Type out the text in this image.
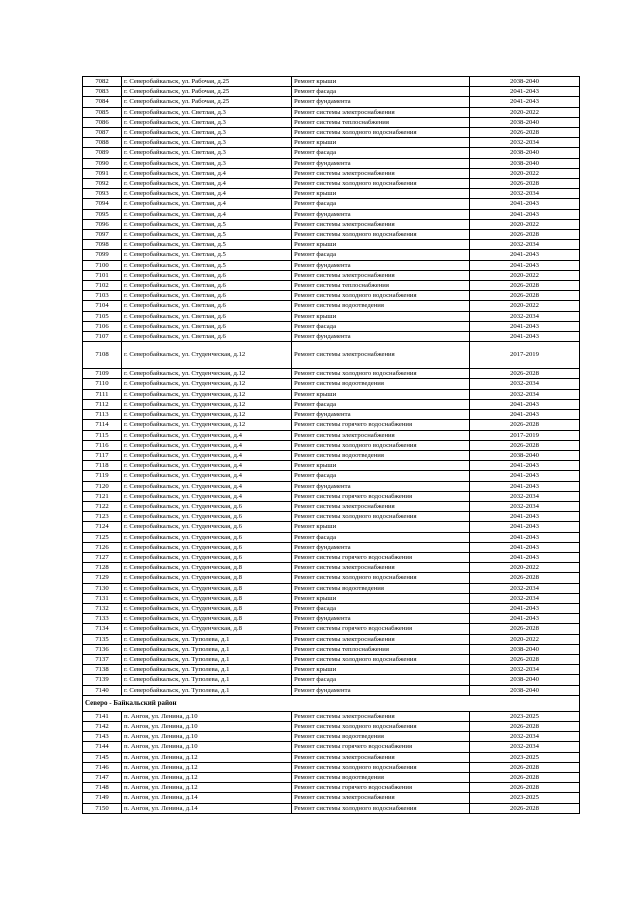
7082	г. Северобайкальск, ул. Рабочая, д.25	Ремонт крыши	2038-2040
7083	г. Северобайкальск, ул. Рабочая, д.25	Ремонт фасада	2041-2043
7084	г. Северобайкальск, ул. Рабочая, д.25	Ремонт фундамента	2041-2043
7085	г. Северобайкальск, ул. Светлая, д.3	Ремонт системы электроснабжения	2020-2022
7086	г. Северобайкальск, ул. Светлая, д.3	Ремонт системы теплоснабжения	2038-2040
7087	г. Северобайкальск, ул. Светлая, д.3	Ремонт системы холодного водоснабжения	2026-2028
7088	г. Северобайкальск, ул. Светлая, д.3	Ремонт крыши	2032-2034
7089	г. Северобайкальск, ул. Светлая, д.3	Ремонт фасада	2038-2040
7090	г. Северобайкальск, ул. Светлая, д.3	Ремонт фундамента	2038-2040
7091	г. Северобайкальск, ул. Светлая, д.4	Ремонт системы электроснабжения	2020-2022
7092	г. Северобайкальск, ул. Светлая, д.4	Ремонт системы холодного водоснабжения	2026-2028
7093	г. Северобайкальск, ул. Светлая, д.4	Ремонт крыши	2032-2034
7094	г. Северобайкальск, ул. Светлая, д.4	Ремонт фасада	2041-2043
7095	г. Северобайкальск, ул. Светлая, д.4	Ремонт фундамента	2041-2043
7096	г. Северобайкальск, ул. Светлая, д.5	Ремонт системы электроснабжения	2020-2022
7097	г. Северобайкальск, ул. Светлая, д.5	Ремонт системы холодного водоснабжения	2026-2028
7098	г. Северобайкальск, ул. Светлая, д.5	Ремонт крыши	2032-2034
7099	г. Северобайкальск, ул. Светлая, д.5	Ремонт фасада	2041-2043
7100	г. Северобайкальск, ул. Светлая, д.5	Ремонт фундамента	2041-2043
7101	г. Северобайкальск, ул. Светлая, д.6	Ремонт системы электроснабжения	2020-2022
7102	г. Северобайкальск, ул. Светлая, д.6	Ремонт системы теплоснабжения	2026-2028
7103	г. Северобайкальск, ул. Светлая, д.6	Ремонт системы холодного водоснабжения	2026-2028
7104	г. Северобайкальск, ул. Светлая, д.6	Ремонт системы водоотведения	2020-2022
7105	г. Северобайкальск, ул. Светлая, д.6	Ремонт крыши	2032-2034
7106	г. Северобайкальск, ул. Светлая, д.6	Ремонт фасада	2041-2043
7107	г. Северобайкальск, ул. Светлая, д.6	Ремонт фундамента	2041-2043
7108	г. Северобайкальск, ул. Студенческая, д.12	Ремонт системы электроснабжения	2017-2019
7109	г. Северобайкальск, ул. Студенческая, д.12	Ремонт системы холодного водоснабжения	2026-2028
7110	г. Северобайкальск, ул. Студенческая, д.12	Ремонт системы водоотведения	2032-2034
7111	г. Северобайкальск, ул. Студенческая, д.12	Ремонт крыши	2032-2034
7112	г. Северобайкальск, ул. Студенческая, д.12	Ремонт фасада	2041-2043
7113	г. Северобайкальск, ул. Студенческая, д.12	Ремонт фундамента	2041-2043
7114	г. Северобайкальск, ул. Студенческая, д.12	Ремонт системы горячего водоснабжения	2026-2028
7115	г. Северобайкальск, ул. Студенческая, д.4	Ремонт системы электроснабжения	2017-2019
7116	г. Северобайкальск, ул. Студенческая, д.4	Ремонт системы холодного водоснабжения	2026-2028
7117	г. Северобайкальск, ул. Студенческая, д.4	Ремонт системы водоотведения	2038-2040
7118	г. Северобайкальск, ул. Студенческая, д.4	Ремонт крыши	2041-2043
7119	г. Северобайкальск, ул. Студенческая, д.4	Ремонт фасада	2041-2043
7120	г. Северобайкальск, ул. Студенческая, д.4	Ремонт фундамента	2041-2043
7121	г. Северобайкальск, ул. Студенческая, д.4	Ремонт системы горячего водоснабжения	2032-2034
7122	г. Северобайкальск, ул. Студенческая, д.6	Ремонт системы электроснабжения	2032-2034
7123	г. Северобайкальск, ул. Студенческая, д.6	Ремонт системы холодного водоснабжения	2041-2043
7124	г. Северобайкальск, ул. Студенческая, д.6	Ремонт крыши	2041-2043
7125	г. Северобайкальск, ул. Студенческая, д.6	Ремонт фасада	2041-2043
7126	г. Северобайкальск, ул. Студенческая, д.6	Ремонт фундамента	2041-2043
7127	г. Северобайкальск, ул. Студенческая, д.6	Ремонт системы горячего водоснабжения	2041-2043
7128	г. Северобайкальск, ул. Студенческая, д.8	Ремонт системы электроснабжения	2020-2022
7129	г. Северобайкальск, ул. Студенческая, д.8	Ремонт системы холодного водоснабжения	2026-2028
7130	г. Северобайкальск, ул. Студенческая, д.8	Ремонт системы водоотведения	2032-2034
7131	г. Северобайкальск, ул. Студенческая, д.8	Ремонт крыши	2032-2034
7132	г. Северобайкальск, ул. Студенческая, д.8	Ремонт фасада	2041-2043
7133	г. Северобайкальск, ул. Студенческая, д.8	Ремонт фундамента	2041-2043
7134	г. Северобайкальск, ул. Студенческая, д.8	Ремонт системы горячего водоснабжения	2026-2028
7135	г. Северобайкальск, ул. Туполева, д.1	Ремонт системы электроснабжения	2020-2022
7136	г. Северобайкальск, ул. Туполева, д.1	Ремонт системы теплоснабжения	2038-2040
7137	г. Северобайкальск, ул. Туполева, д.1	Ремонт системы холодного водоснабжения	2026-2028
7138	г. Северобайкальск, ул. Туполева, д.1	Ремонт крыши	2032-2034
7139	г. Северобайкальск, ул. Туполева, д.1	Ремонт фасада	2038-2040
7140	г. Северобайкальск, ул. Туполева, д.1	Ремонт фундамента	2038-2040
Северо - Байкальский район			
7141	п. Ангоя, ул. Ленина, д.10	Ремонт системы электроснабжения	2023-2025
7142	п. Ангоя, ул. Ленина, д.10	Ремонт системы холодного водоснабжения	2026-2028
7143	п. Ангоя, ул. Ленина, д.10	Ремонт системы водоотведения	2032-2034
7144	п. Ангоя, ул. Ленина, д.10	Ремонт системы горячего водоснабжения	2032-2034
7145	п. Ангоя, ул. Ленина, д.12	Ремонт системы электроснабжения	2023-2025
7146	п. Ангоя, ул. Ленина, д.12	Ремонт системы холодного водоснабжения	2026-2028
7147	п. Ангоя, ул. Ленина, д.12	Ремонт системы водоотведения	2026-2028
7148	п. Ангоя, ул. Ленина, д.12	Ремонт системы горячего водоснабжения	2026-2028
7149	п. Ангоя, ул. Ленина, д.14	Ремонт системы электроснабжения	2023-2025
7150	п. Ангоя, ул. Ленина, д.14	Ремонт системы холодного водоснабжения	2026-2028
